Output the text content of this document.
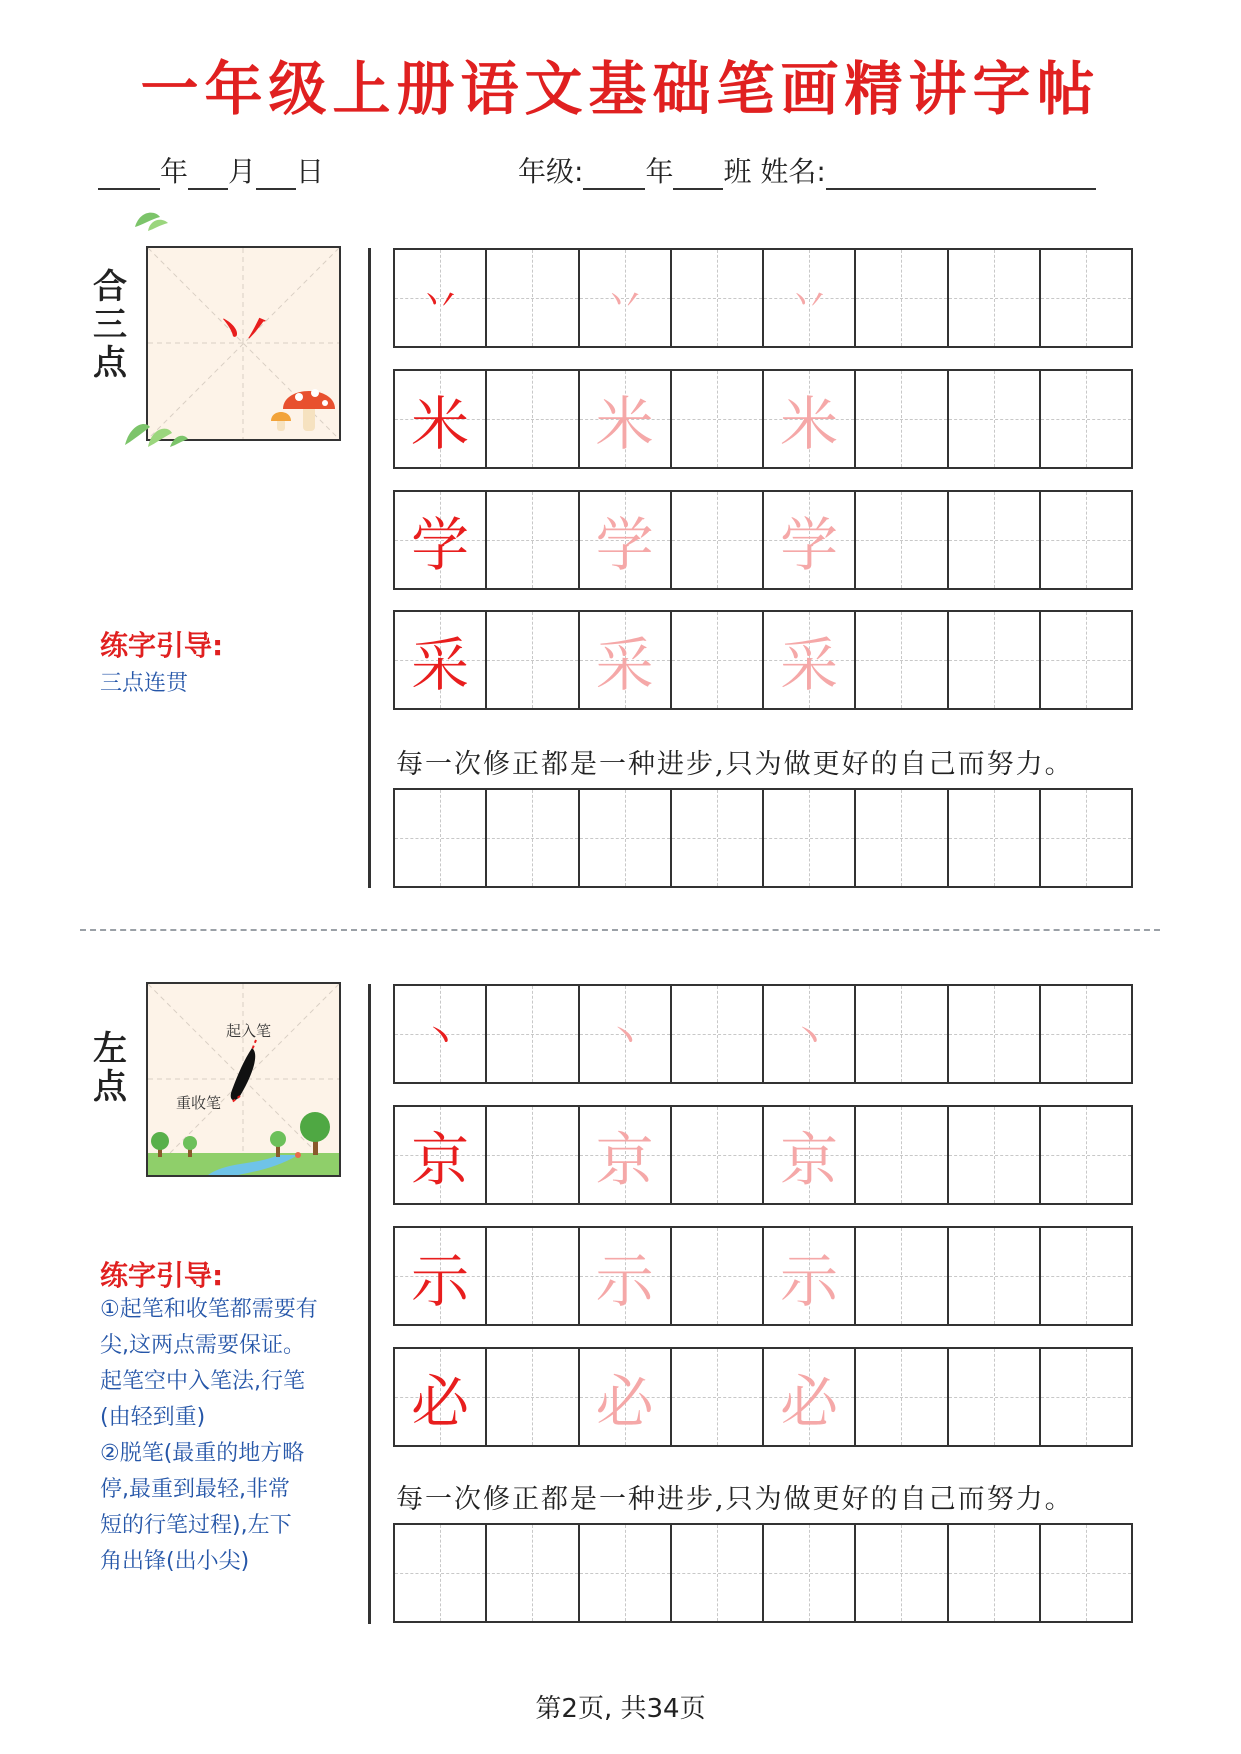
一年级上册语文基础笔画精讲字帖
年 月 日	年级: 年 班 姓名:
合三点	丷
练字引导:
三点连贯
丷	丷	丷
米 米 米
学 学 学
采 采 采
每一次修正都是一种进步,只为做更好的自己而努力。
左点
起入笔
重收笔
练字引导:
①起笔和收笔都需要有
尖,这两点需要保证。
起笔空中入笔法,行笔
(由轻到重)
②脱笔(最重的地方略
停,最重到最轻,非常
短的行笔过程),左下
角出锋(出小尖)
丶	丶	丶
京 京 京
示 示 示
必 必 必
每一次修正都是一种进步,只为做更好的自己而努力。
第2页, 共34页
